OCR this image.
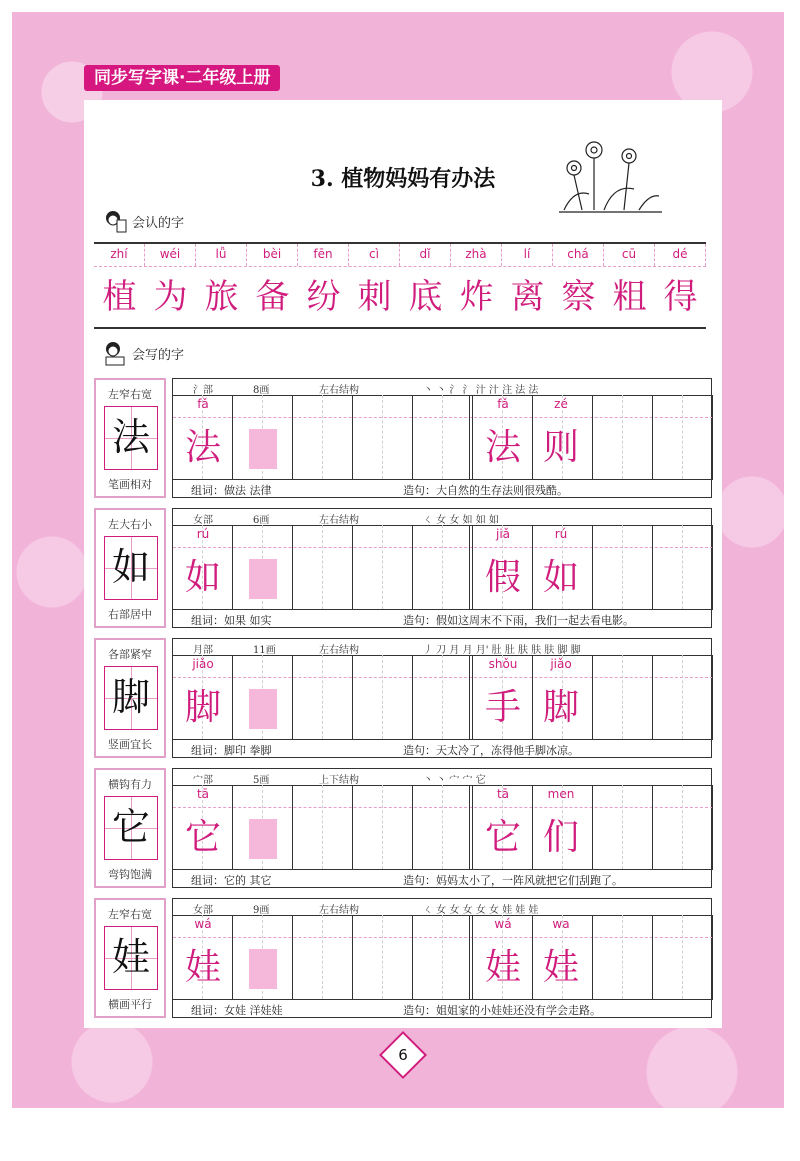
同步写字课·二年级上册
3. 植物妈妈有办法
会认的字
zhí	wéi	lǚ	bèi	fēn	cì	dǐ	zhà	lí	chá	cū	dé
植 为 旅 备 纷 刺 底 炸 离 察 粗 得
会写的字
左窄右宽
法
笔画相对
氵部	8画	左右结构	丶 丶 氵 氵 汁 汁 注 法 法
fǎ
法
fǎ	zé
法 则
组词：做法 法律	造句：大自然的生存法则很残酷。
左大右小
如
右部居中
女部	6画	左右结构	ㄑ 女 女 如 如 如
rú
如
jiǎ	rú
假 如
组词：如果 如实	造句：假如这周末不下雨，我们一起去看电影。
各部紧窄
脚
竖画宜长
月部	11画	左右结构	丿 刀 月 月 月' 肚 肚 肤 肤 肤 脚 脚
jiǎo
脚
shǒu	jiǎo
手 脚
组词：脚印 拳脚	造句：天太冷了，冻得他手脚冰凉。
横钩有力
它
弯钩饱满
宀部	5画	上下结构	丶 丶 宀 宀 它
tā
它
tā	men
它 们
组词：它的 其它	造句：妈妈太小了，一阵风就把它们刮跑了。
左窄右宽
娃
横画平行
女部	9画	左右结构	ㄑ 女 女 女 女 女 娃 娃 娃
wá
娃
wá	wa
娃 娃
组词：女娃 洋娃娃	造句：姐姐家的小娃娃还没有学会走路。
6
